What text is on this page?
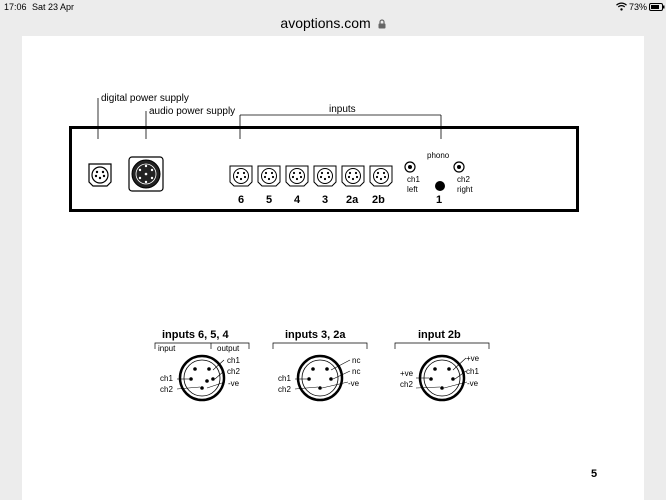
17:06 Sat 23 Apr	73%
avoptions.com
digital power supply
audio power supply	inputs
6 5 4 3 2a 2b
phono
ch1
left
ch2
right
1
inputs 6, 5, 4
input	output
ch1
ch2
-ve
ch1
ch2
inputs 3, 2a
nc
nc
-ve
ch1
ch2
input 2b
+ve
ch1
-ve
+ve
ch2
5
